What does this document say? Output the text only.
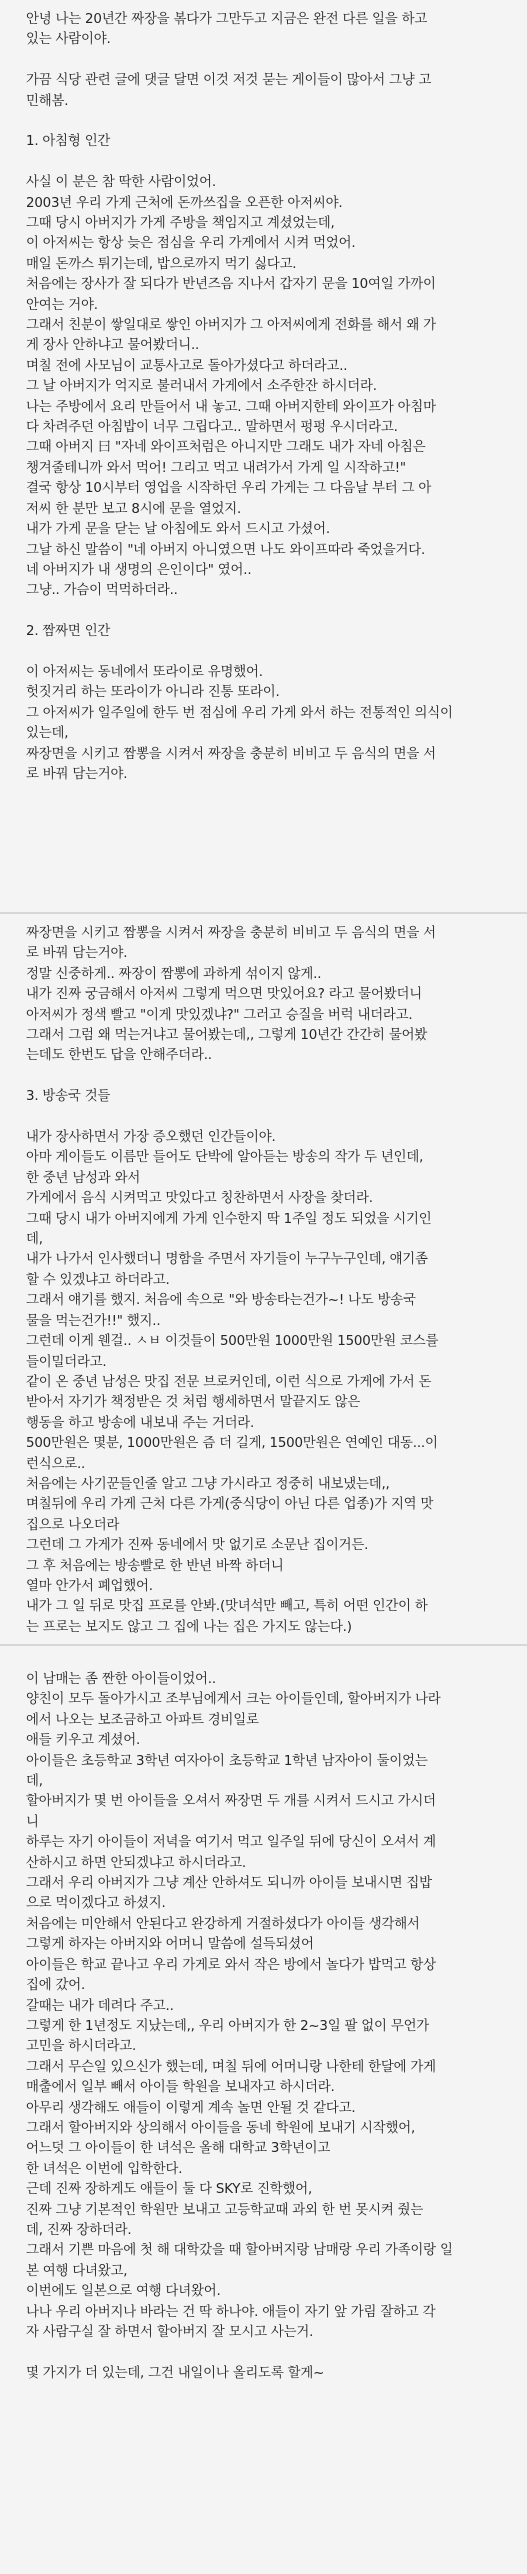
안녕 나는 20년간 짜장을 볶다가 그만두고 지금은 완전 다른 일을 하고
있는 사람이야.
가끔 식당 관련 글에 댓글 달면 이것 저것 묻는 게이들이 많아서 그냥 고
민해봄.
1. 아침형 인간
사실 이 분은 참 딱한 사람이었어.
2003년 우리 가게 근처에 돈까쓰집을 오픈한 아저씨야.
그때 당시 아버지가 가게 주방을 책임지고 계셨었는데,
이 아저씨는 항상 늦은 점심을 우리 가게에서 시켜 먹었어.
매일 돈까스 튀기는데, 밥으로까지 먹기 싫다고.
처음에는 장사가 잘 되다가 반년즈음 지나서 갑자기 문을 10여일 가까이
안여는 거야.
그래서 친분이 쌓일대로 쌓인 아버지가 그 아저씨에게 전화를 해서 왜 가
게 장사 안하냐고 물어봤더니..
며칠 전에 사모님이 교통사고로 돌아가셨다고 하더라고..
그 날 아버지가 억지로 불러내서 가게에서 소주한잔 하시더라.
나는 주방에서 요리 만들어서 내 놓고. 그때 아버지한테 와이프가 아침마
다 차려주던 아침밥이 너무 그립다고.. 말하면서 펑펑 우시더라고.
그때 아버지 曰 "자네 와이프처럼은 아니지만 그래도 내가 자네 아침은
챙겨줄테니까 와서 먹어! 그리고 먹고 내려가서 가게 일 시작하고!"
결국 항상 10시부터 영업을 시작하던 우리 가게는 그 다음날 부터 그 아
저씨 한 분만 보고 8시에 문을 열었지.
내가 가게 문을 닫는 날 아침에도 와서 드시고 가셨어.
그날 하신 말씀이 "네 아버지 아니였으면 나도 와이프따라 죽었을거다.
네 아버지가 내 생명의 은인이다" 였어..
그냥.. 가슴이 먹먹하더라..
2. 짬짜면 인간
이 아저씨는 동네에서 또라이로 유명했어.
헛짓거리 하는 또라이가 아니라 진통 또라이.
그 아저씨가 일주일에 한두 번 점심에 우리 가게 와서 하는 전통적인 의식이
있는데,
짜장면을 시키고 짬뽕을 시켜서 짜장을 충분히 비비고 두 음식의 면을 서
로 바꿔 담는거야.
짜장면을 시키고 짬뽕을 시켜서 짜장을 충분히 비비고 두 음식의 면을 서
로 바꿔 담는거야.
정말 신중하게.. 짜장이 짬뽕에 과하게 섞이지 않게..
내가 진짜 궁금해서 아저씨 그렇게 먹으면 맛있어요? 라고 물어봤더니
아저씨가 정색 빨고 "이게 맛있겠냐?" 그러고 승질을 버럭 내더라고.
그래서 그럼 왜 먹는거냐고 물어봤는데,, 그렇게 10년간 간간히 물어봤
는데도 한번도 답을 안해주더라..
3. 방송국 것들
내가 장사하면서 가장 증오했던 인간들이야.
아마 게이들도 이름만 들어도 단박에 알아듣는 방송의 작가 두 년인데,
한 중년 남성과 와서
가게에서 음식 시켜먹고 맛있다고 칭찬하면서 사장을 찾더라.
그때 당시 내가 아버지에게 가게 인수한지 딱 1주일 정도 되었을 시기인
데,
내가 나가서 인사했더니 명함을 주면서 자기들이 누구누구인데, 얘기좀
할 수 있겠냐고 하더라고.
그래서 얘기를 했지. 처음에 속으로 "와 방송타는건가~! 나도 방송국
물을 먹는건가!!" 했지..
그런데 이게 웬걸.. ㅅㅂ 이것들이 500만원 1000만원 1500만원 코스를
들이밀더라고.
같이 온 중년 남성은 맛집 전문 브로커인데, 이런 식으로 가게에 가서 돈
받아서 자기가 책정받은 것 처럼 행세하면서 말끝지도 않은
행동을 하고 방송에 내보내 주는 거더라.
500만원은 몇분, 1000만원은 즘 더 길게, 1500만원은 연예인 대동...이
런식으로..
처음에는 사기꾼들인줄 알고 그냥 가시라고 정중히 내보냈는데,,
며칠뒤에 우리 가게 근처 다른 가게(중식당이 아닌 다른 업종)가 지역 맛
집으로 나오더라
그런데 그 가게가 진짜 동네에서 맛 없기로 소문난 집이거든.
그 후 처음에는 방송빨로 한 반년 바짝 하더니
열마 안가서 폐업했어.
내가 그 일 뒤로 맛집 프로를 안봐.(맛녀석만 빼고, 특히 어떤 인간이 하
는 프로는 보지도 않고 그 집에 나는 집은 가지도 않는다.)
이 남매는 좀 짠한 아이들이었어..
양친이 모두 돌아가시고 조부님에게서 크는 아이들인데, 할아버지가 나라
에서 나오는 보조금하고 아파트 경비일로
애들 키우고 계셨어.
아이들은 초등학교 3학년 여자아이 초등학교 1학년 남자아이 둘이었는
데,
할아버지가 몇 번 아이들을 오셔서 짜장면 두 개를 시켜서 드시고 가시더
니
하루는 자기 아이들이 저녁을 여기서 먹고 일주일 뒤에 당신이 오셔서 계
산하시고 하면 안되겠냐고 하시더라고.
그래서 우리 아버지가 그냥 계산 안하셔도 되니까 아이들 보내시면 집밥
으로 먹이겠다고 하셨지.
처음에는 미안해서 안된다고 완강하게 거절하셨다가 아이들 생각해서
그렇게 하자는 아버지와 어머니 말씀에 설득되셨어
아이들은 학교 끝나고 우리 가게로 와서 작은 방에서 놀다가 밥먹고 항상
집에 갔어.
갈때는 내가 데려다 주고..
그렇게 한 1년정도 지났는데,, 우리 아버지가 한 2~3일 팔 없이 무언가
고민을 하시더라고.
그래서 무슨일 있으신가 했는데, 며칠 뒤에 어머니랑 나한테 한달에 가게
매출에서 일부 빼서 아이들 학원을 보내자고 하시더라.
아무리 생각해도 애들이 이렇게 계속 놀면 안될 것 같다고.
그래서 할아버지와 상의해서 아이들을 동네 학원에 보내기 시작했어,
어느덧 그 아이들이 한 녀석은 올해 대학교 3학년이고
한 녀석은 이번에 입학한다.
근데 진짜 장하게도 애들이 둘 다 SKY로 진학했어,
진짜 그냥 기본적인 학원만 보내고 고등학교때 과외 한 번 못시켜 줬는
데, 진짜 장하더라.
그래서 기쁜 마음에 첫 해 대학갔을 때 할아버지랑 남매랑 우리 가족이랑 일
본 여행 다녀왔고,
이번에도 일본으로 여행 다녀왔어.
나나 우리 아버지나 바라는 건 딱 하나야. 애들이 자기 앞 가림 잘하고 각
자 사람구실 잘 하면서 할아버지 잘 모시고 사는거.
몇 가지가 더 있는데, 그건 내일이나 올리도록 할게~
